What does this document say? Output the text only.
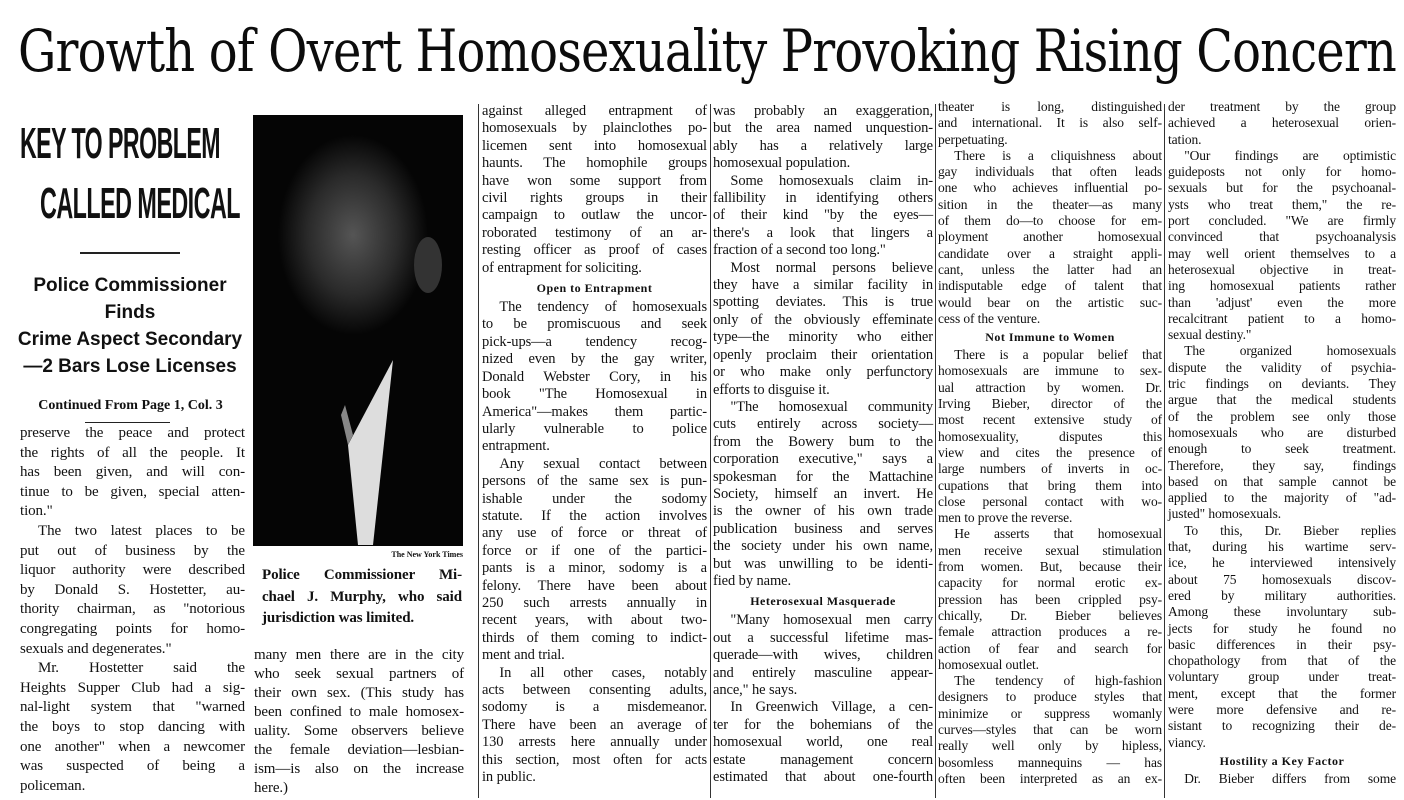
Growth of Overt Homosexuality Provoking Rising Concern
KEY TO PROBLEM
CALLED MEDICAL
Police Commissioner Finds
Crime Aspect Secondary
—2 Bars Lose Licenses
Continued From Page 1, Col. 3
The New York Times
Police Commissioner Mi-
chael J. Murphy, who said
jurisdiction was limited.
preserve the peace and protect
the rights of all the people. It
has been given, and will con-
tinue to be given, special atten-
tion."
The two latest places to be
put out of business by the
liquor authority were described
by Donald S. Hostetter, au-
thority chairman, as "notorious
congregating points for homo-
sexuals and degenerates."
Mr. Hostetter said the
Heights Supper Club had a sig-
nal-light system that "warned
the boys to stop dancing with
one another" when a newcomer
was suspected of being a
policeman.
many men there are in the city
who seek sexual partners of
their own sex. (This study has
been confined to male homosex-
uality. Some observers believe
the female deviation—lesbian-
ism—is also on the increase
here.)
against alleged entrapment of
homosexuals by plainclothes po-
licemen sent into homosexual
haunts. The homophile groups
have won some support from
civil rights groups in their
campaign to outlaw the uncor-
roborated testimony of an ar-
resting officer as proof of cases
of entrapment for soliciting.
Open to Entrapment
The tendency of homosexuals
to be promiscuous and seek
pick-ups—a tendency recog-
nized even by the gay writer,
Donald Webster Cory, in his
book "The Homosexual in
America"—makes them partic-
ularly vulnerable to police
entrapment.
Any sexual contact between
persons of the same sex is pun-
ishable under the sodomy
statute. If the action involves
any use of force or threat of
force or if one of the partici-
pants is a minor, sodomy is a
felony. There have been about
250 such arrests annually in
recent years, with about two-
thirds of them coming to indict-
ment and trial.
In all other cases, notably
acts between consenting adults,
sodomy is a misdemeanor.
There have been an average of
130 arrests here annually under
this section, most often for acts
in public.
was probably an exaggeration,
but the area named unquestion-
ably has a relatively large
homosexual population.
Some homosexuals claim in-
fallibility in identifying others
of their kind "by the eyes—
there's a look that lingers a
fraction of a second too long."
Most normal persons believe
they have a similar facility in
spotting deviates. This is true
only of the obviously effeminate
type—the minority who either
openly proclaim their orientation
or who make only perfunctory
efforts to disguise it.
"The homosexual community
cuts entirely across society—
from the Bowery bum to the
corporation executive," says a
spokesman for the Mattachine
Society, himself an invert. He
is the owner of his own trade
publication business and serves
the society under his own name,
but was unwilling to be identi-
fied by name.
Heterosexual Masquerade
"Many homosexual men carry
out a successful lifetime mas-
querade—with wives, children
and entirely masculine appear-
ance," he says.
In Greenwich Village, a cen-
ter for the bohemians of the
homosexual world, one real
estate management concern
estimated that about one-fourth
theater is long, distinguished
and international. It is also self-
perpetuating.
There is a cliquishness about
gay individuals that often leads
one who achieves influential po-
sition in the theater—as many
of them do—to choose for em-
ployment another homosexual
candidate over a straight appli-
cant, unless the latter had an
indisputable edge of talent that
would bear on the artistic suc-
cess of the venture.
Not Immune to Women
There is a popular belief that
homosexuals are immune to sex-
ual attraction by women. Dr.
Irving Bieber, director of the
most recent extensive study of
homosexuality, disputes this
view and cites the presence of
large numbers of inverts in oc-
cupations that bring them into
close personal contact with wo-
men to prove the reverse.
He asserts that homosexual
men receive sexual stimulation
from women. But, because their
capacity for normal erotic ex-
pression has been crippled psy-
chically, Dr. Bieber believes
female attraction produces a re-
action of fear and search for
homosexual outlet.
The tendency of high-fashion
designers to produce styles that
minimize or suppress womanly
curves—styles that can be worn
really well only by hipless,
bosomless mannequins — has
often been interpreted as an ex-
der treatment by the group
achieved a heterosexual orien-
tation.
"Our findings are optimistic
guideposts not only for homo-
sexuals but for the psychoanal-
ysts who treat them," the re-
port concluded. "We are firmly
convinced that psychoanalysis
may well orient themselves to a
heterosexual objective in treat-
ing homosexual patients rather
than 'adjust' even the more
recalcitrant patient to a homo-
sexual destiny."
The organized homosexuals
dispute the validity of psychia-
tric findings on deviants. They
argue that the medical students
of the problem see only those
homosexuals who are disturbed
enough to seek treatment.
Therefore, they say, findings
based on that sample cannot be
applied to the majority of "ad-
justed" homosexuals.
To this, Dr. Bieber replies
that, during his wartime serv-
ice, he interviewed intensively
about 75 homosexuals discov-
ered by military authorities.
Among these involuntary sub-
jects for study he found no
basic differences in their psy-
chopathology from that of the
voluntary group under treat-
ment, except that the former
were more defensive and re-
sistant to recognizing their de-
viancy.
Hostility a Key Factor
Dr. Bieber differs from some
